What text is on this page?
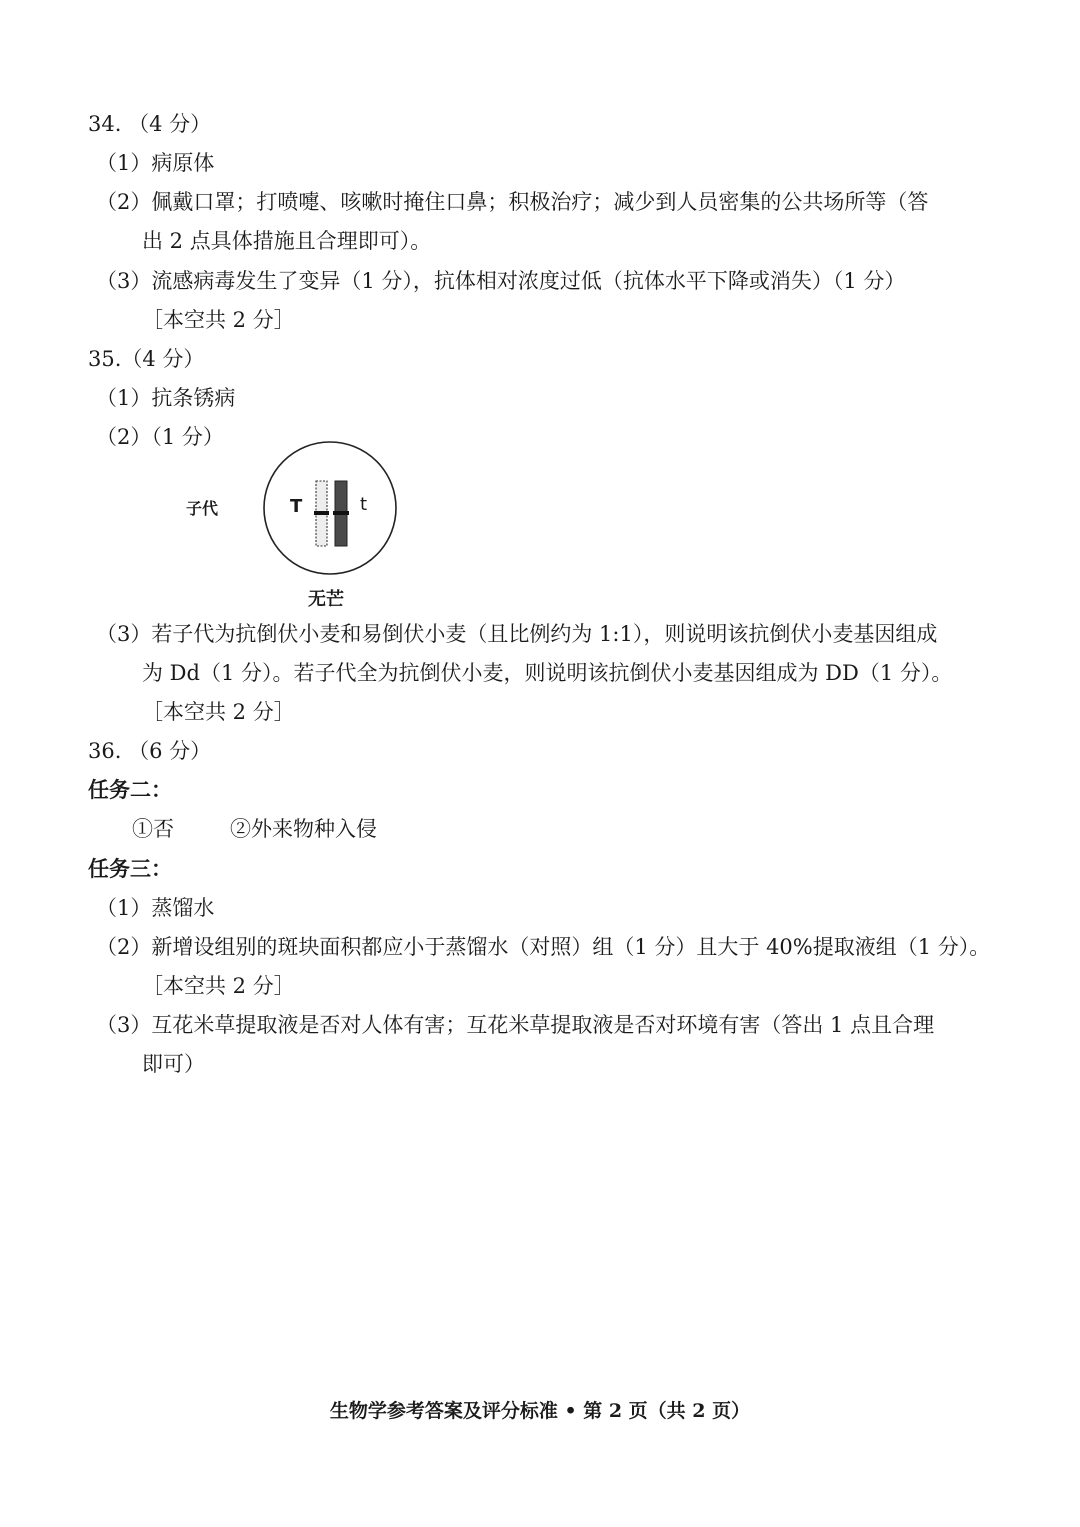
34. （4 分）
（1）病原体
（2）佩戴口罩；打喷嚏、咳嗽时掩住口鼻；积极治疗；减少到人员密集的公共场所等（答
出 2 点具体措施且合理即可）。
（3）流感病毒发生了变异（1 分），抗体相对浓度过低（抗体水平下降或消失）（1 分）
［本空共 2 分］
35.（4 分）
（1）抗条锈病
（2）（1 分）
子代	T	t
无芒
（3）若子代为抗倒伏小麦和易倒伏小麦（且比例约为 1:1），则说明该抗倒伏小麦基因组成
为 Dd（1 分）。若子代全为抗倒伏小麦，则说明该抗倒伏小麦基因组成为 DD（1 分）。
［本空共 2 分］
36. （6 分）
任务二：
①否	②外来物种入侵
任务三：
（1）蒸馏水
（2）新增设组别的斑块面积都应小于蒸馏水（对照）组（1 分）且大于 40%提取液组（1 分）。
［本空共 2 分］
（3）互花米草提取液是否对人体有害；互花米草提取液是否对环境有害（答出 1 点且合理
即可）
生物学参考答案及评分标准 • 第 2 页（共 2 页）
